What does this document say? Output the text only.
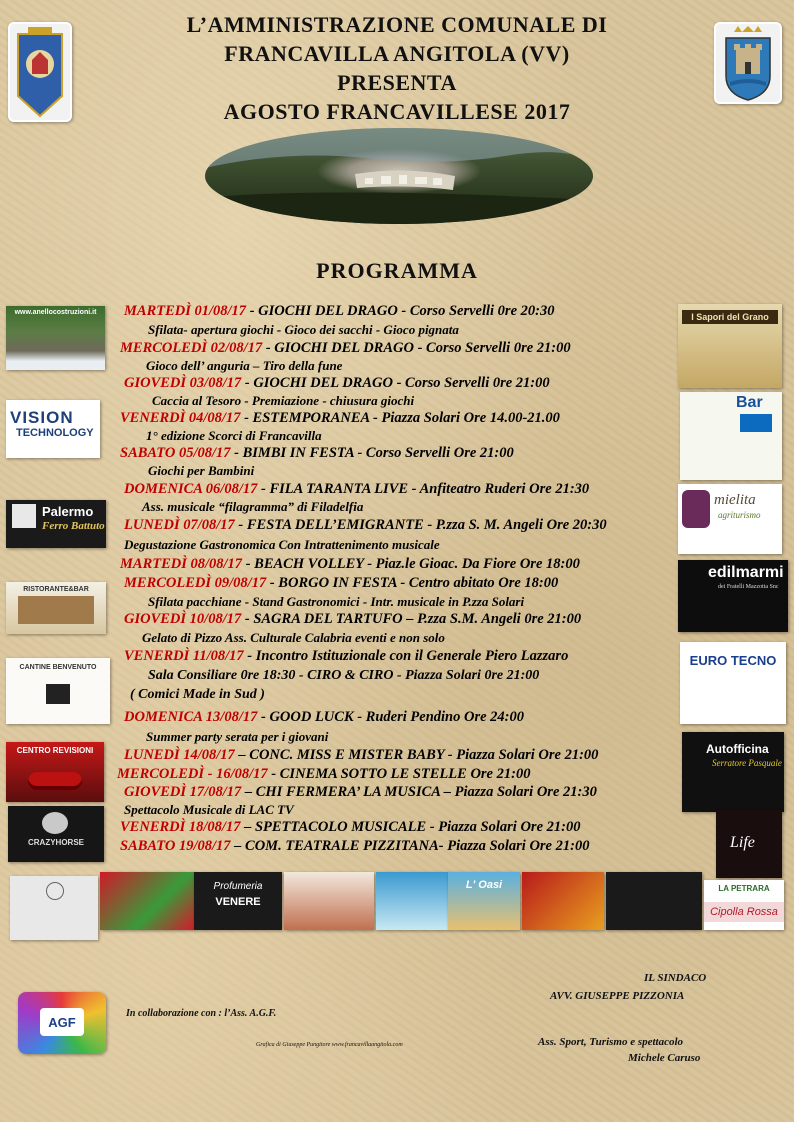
L’AMMINISTRAZIONE COMUNALE DI
FRANCAVILLA ANGITOLA (VV)
PRESENTA
AGOSTO FRANCAVILLESE 2017
PROGRAMMA
MARTEDÌ 01/08/17 - GIOCHI DEL DRAGO - Corso Servelli 0re 20:30
Sfilata- apertura giochi - Gioco dei sacchi - Gioco pignata
MERCOLEDÌ 02/08/17 - GIOCHI DEL DRAGO - Corso Servelli 0re 21:00
Gioco dell’ anguria – Tiro della fune
GIOVEDÌ 03/08/17 - GIOCHI DEL DRAGO - Corso Servelli 0re 21:00
Caccia al Tesoro - Premiazione - chiusura giochi
VENERDÌ 04/08/17 - ESTEMPORANEA - Piazza Solari Ore 14.00-21.00
1° edizione Scorci di Francavilla
SABATO 05/08/17 - BIMBI IN FESTA - Corso Servelli Ore 21:00
Giochi per Bambini
DOMENICA 06/08/17 - FILA TARANTA LIVE - Anfiteatro Ruderi Ore 21:30
Ass. musicale “filagramma” di Filadelfia
LUNEDÌ 07/08/17 - FESTA DELL’EMIGRANTE - P.zza S. M. Angeli Ore 20:30
Degustazione Gastronomica Con Intrattenimento musicale
MARTEDÌ 08/08/17 - BEACH VOLLEY - Piaz.le Gioac. Da Fiore Ore 18:00
MERCOLEDÌ 09/08/17 - BORGO IN FESTA - Centro abitato Ore 18:00
Sfilata pacchiane - Stand Gastronomici - Intr. musicale in P.zza Solari
GIOVEDÌ 10/08/17 - SAGRA DEL TARTUFO – P.zza S.M. Angeli 0re 21:00
Gelato di Pizzo Ass. Culturale Calabria eventi e non solo
VENERDÌ 11/08/17 - Incontro Istituzionale con il Generale Piero Lazzaro
Sala Consiliare 0re 18:30 - CIRO & CIRO - Piazza Solari 0re 21:00
( Comici Made in Sud )
DOMENICA 13/08/17 - GOOD LUCK - Ruderi Pendino Ore 24:00
Summer party serata per i giovani
LUNEDÌ 14/08/17 – CONC. MISS E MISTER BABY - Piazza Solari Ore 21:00
MERCOLEDÌ - 16/08/17 - CINEMA SOTTO LE STELLE Ore 21:00
GIOVEDÌ 17/08/17 – CHI FERMERA’ LA MUSICA – Piazza Solari Ore 21:30
Spettacolo Musicale di LAC TV
VENERDÌ 18/08/17 – SPETTACOLO MUSICALE - Piazza Solari Ore 21:00
SABATO 19/08/17 – COM. TEATRALE PIZZITANA- Piazza Solari Ore 21:00
www.anellocostruzioni.it
VISION
TECHNOLOGY
Palermo
Ferro Battuto
RISTORANTE&BAR
CANTINE BENVENUTO
CENTRO REVISIONI
CRAZYHORSE
I Sapori del Grano
Bar
mielita
agriturismo
edilmarmi
dei Fratelli Mazzotta Snc
EURO TECNO
Autofficina
Serratore Pasquale
Life
Profumeria
VENERE
L' Oasi	LA PETRARA
Cipolla Rossa
AGF
In collaborazione con : l’Ass. A.G.F.
Grafica di Giuseppe Pungitore www.francavillaangitola.com
IL SINDACO
AVV. GIUSEPPE PIZZONIA
Ass. Sport, Turismo e spettacolo
Michele Caruso
